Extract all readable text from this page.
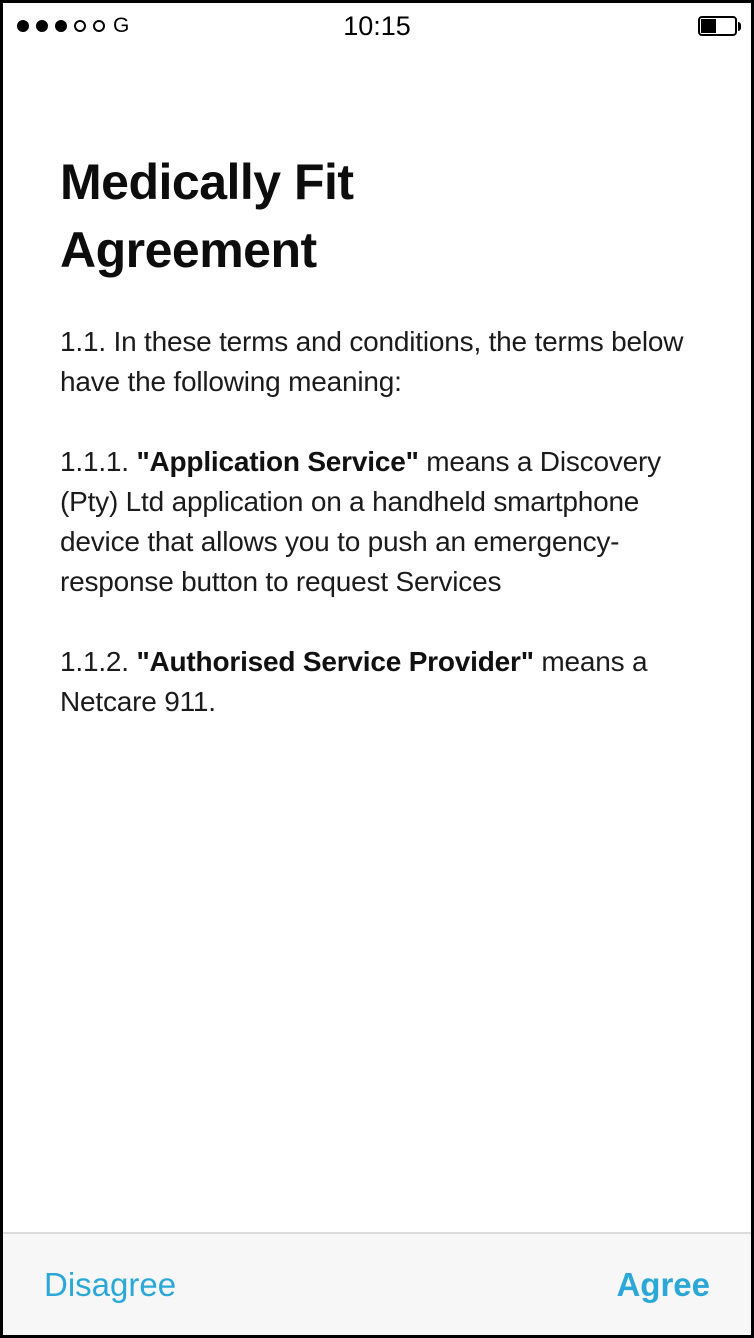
G	10:15
Medically Fit Agreement

1.1. In these terms and conditions, the terms below have the following meaning:

1.1.1. "Application Service" means a Discovery (Pty) Ltd application on a handheld smartphone device that allows you to push an emergency-response button to request Services

1.1.2. "Authorised Service Provider" means a Netcare 911.

Disagree	Agree
